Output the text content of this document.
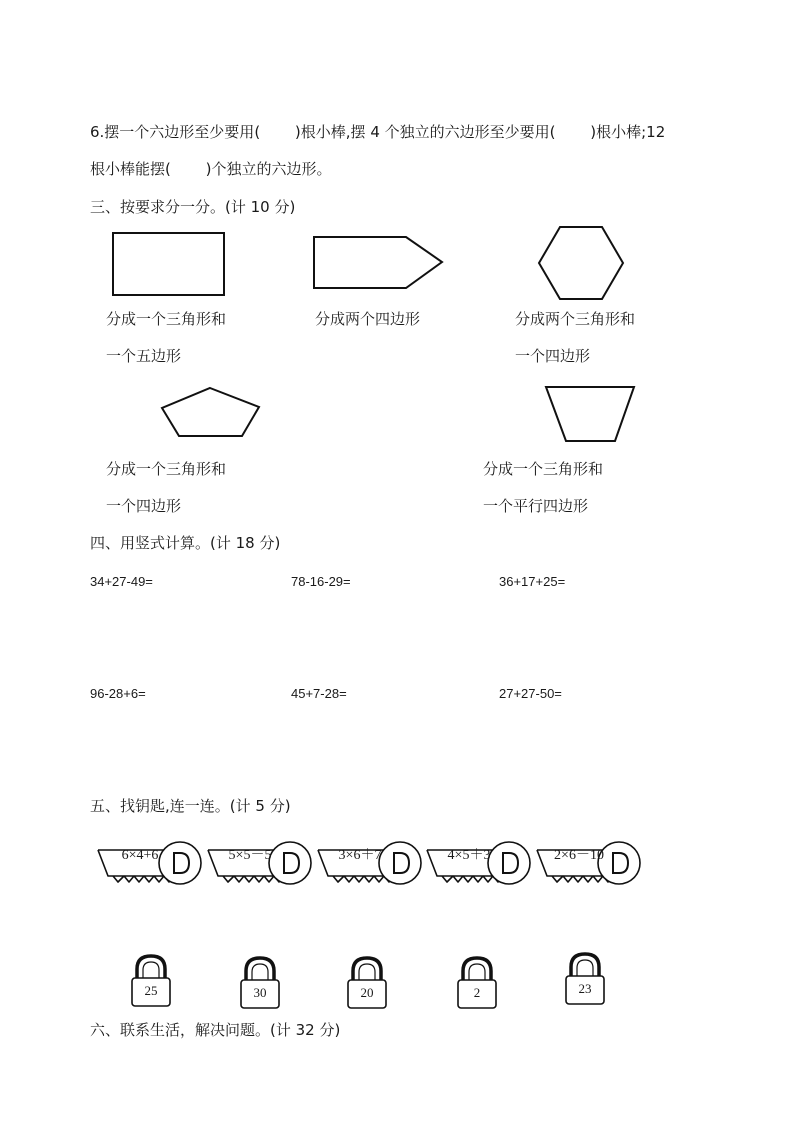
6.摆一个六边形至少要用(　　 )根小棒,摆 4 个独立的六边形至少要用(　　 )根小棒;12
根小棒能摆(　　 )个独立的六边形。
三、按要求分一分。(计 10 分)
分成一个三角形和
一个五边形
分成两个四边形	分成两个三角形和
一个四边形
分成一个三角形和
一个四边形
分成一个三角形和
一个平行四边形
四、用竖式计算。(计 18 分)
34+27-49=	78-16-29=	36+17+25=
96-28+6=	45+7-28=	27+27-50=
五、找钥匙,连一连。(计 5 分)
6×4+6	5×5－5	3×6＋7	4×5＋3	2×6－10
25	30	20	2	23
六、联系生活，解决问题。(计 32 分)
